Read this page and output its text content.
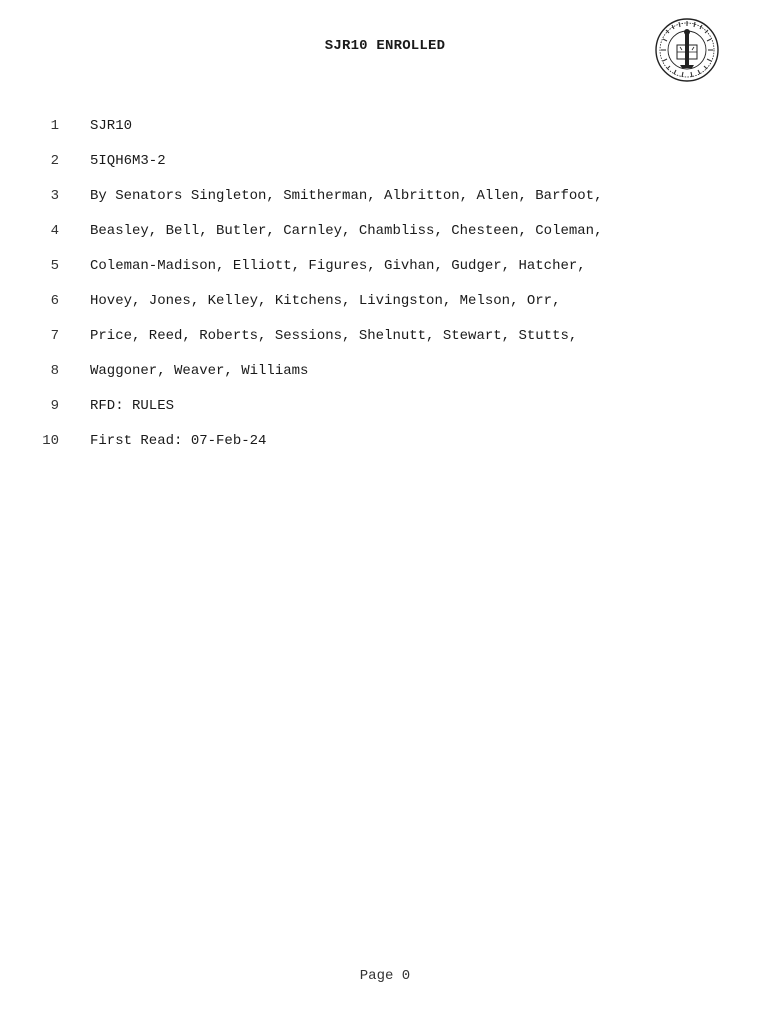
SJR10 ENROLLED
1 SJR10
2 5IQH6M3-2
3 By Senators Singleton, Smitherman, Albritton, Allen, Barfoot,
4 Beasley, Bell, Butler, Carnley, Chambliss, Chesteen, Coleman,
5 Coleman-Madison, Elliott, Figures, Givhan, Gudger, Hatcher,
6 Hovey, Jones, Kelley, Kitchens, Livingston, Melson, Orr,
7 Price, Reed, Roberts, Sessions, Shelnutt, Stewart, Stutts,
8 Waggoner, Weaver, Williams
9 RFD: RULES
10 First Read: 07-Feb-24
Page 0
